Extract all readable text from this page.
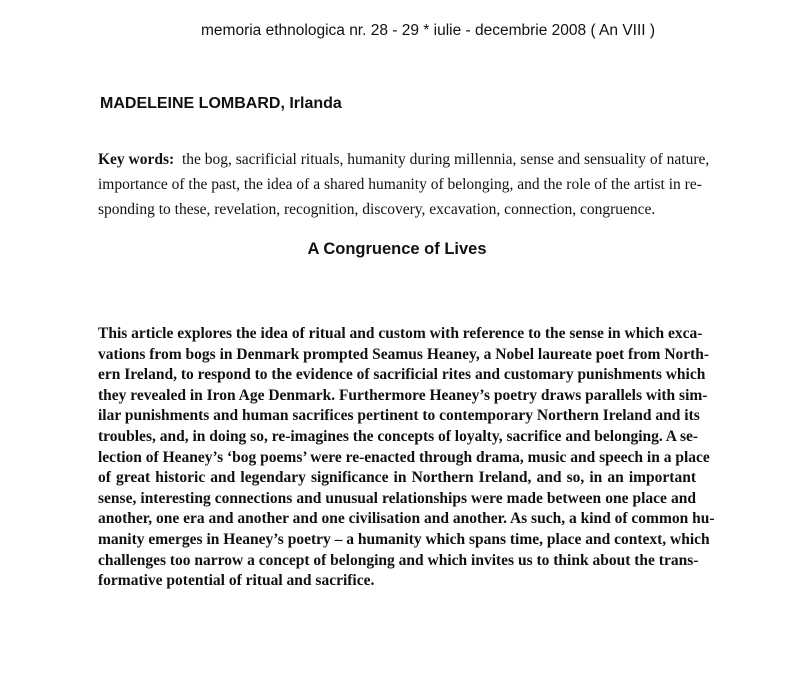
memoria ethnologica nr. 28 - 29 * iulie - decembrie 2008 ( An VIII )
MADELEINE LOMBARD, Irlanda
Key words: the bog, sacrificial rituals, humanity during millennia, sense and sensuality of nature,
importance of the past, the idea of a shared humanity of belonging, and the role of the artist in re-
sponding to these, revelation, recognition, discovery, excavation, connection, congruence.
A Congruence of Lives
This article explores the idea of ritual and custom with reference to the sense in which exca-
vations from bogs in Denmark prompted Seamus Heaney, a Nobel laureate poet from North-
ern Ireland, to respond to the evidence of sacrificial rites and customary punishments which
they revealed in Iron Age Denmark. Furthermore Heaney’s poetry draws parallels with sim-
ilar punishments and human sacrifices pertinent to contemporary Northern Ireland and its
troubles, and, in doing so, re-imagines the concepts of loyalty, sacrifice and belonging. A se-
lection of Heaney’s ‘bog poems’ were re-enacted through drama, music and speech in a place
of great historic and legendary significance in Northern Ireland, and so, in an important
sense, interesting connections and unusual relationships were made between one place and
another, one era and another and one civilisation and another. As such, a kind of common hu-
manity emerges in Heaney’s poetry – a humanity which spans time, place and context, which
challenges too narrow a concept of belonging and which invites us to think about the trans-
formative potential of ritual and sacrifice.
